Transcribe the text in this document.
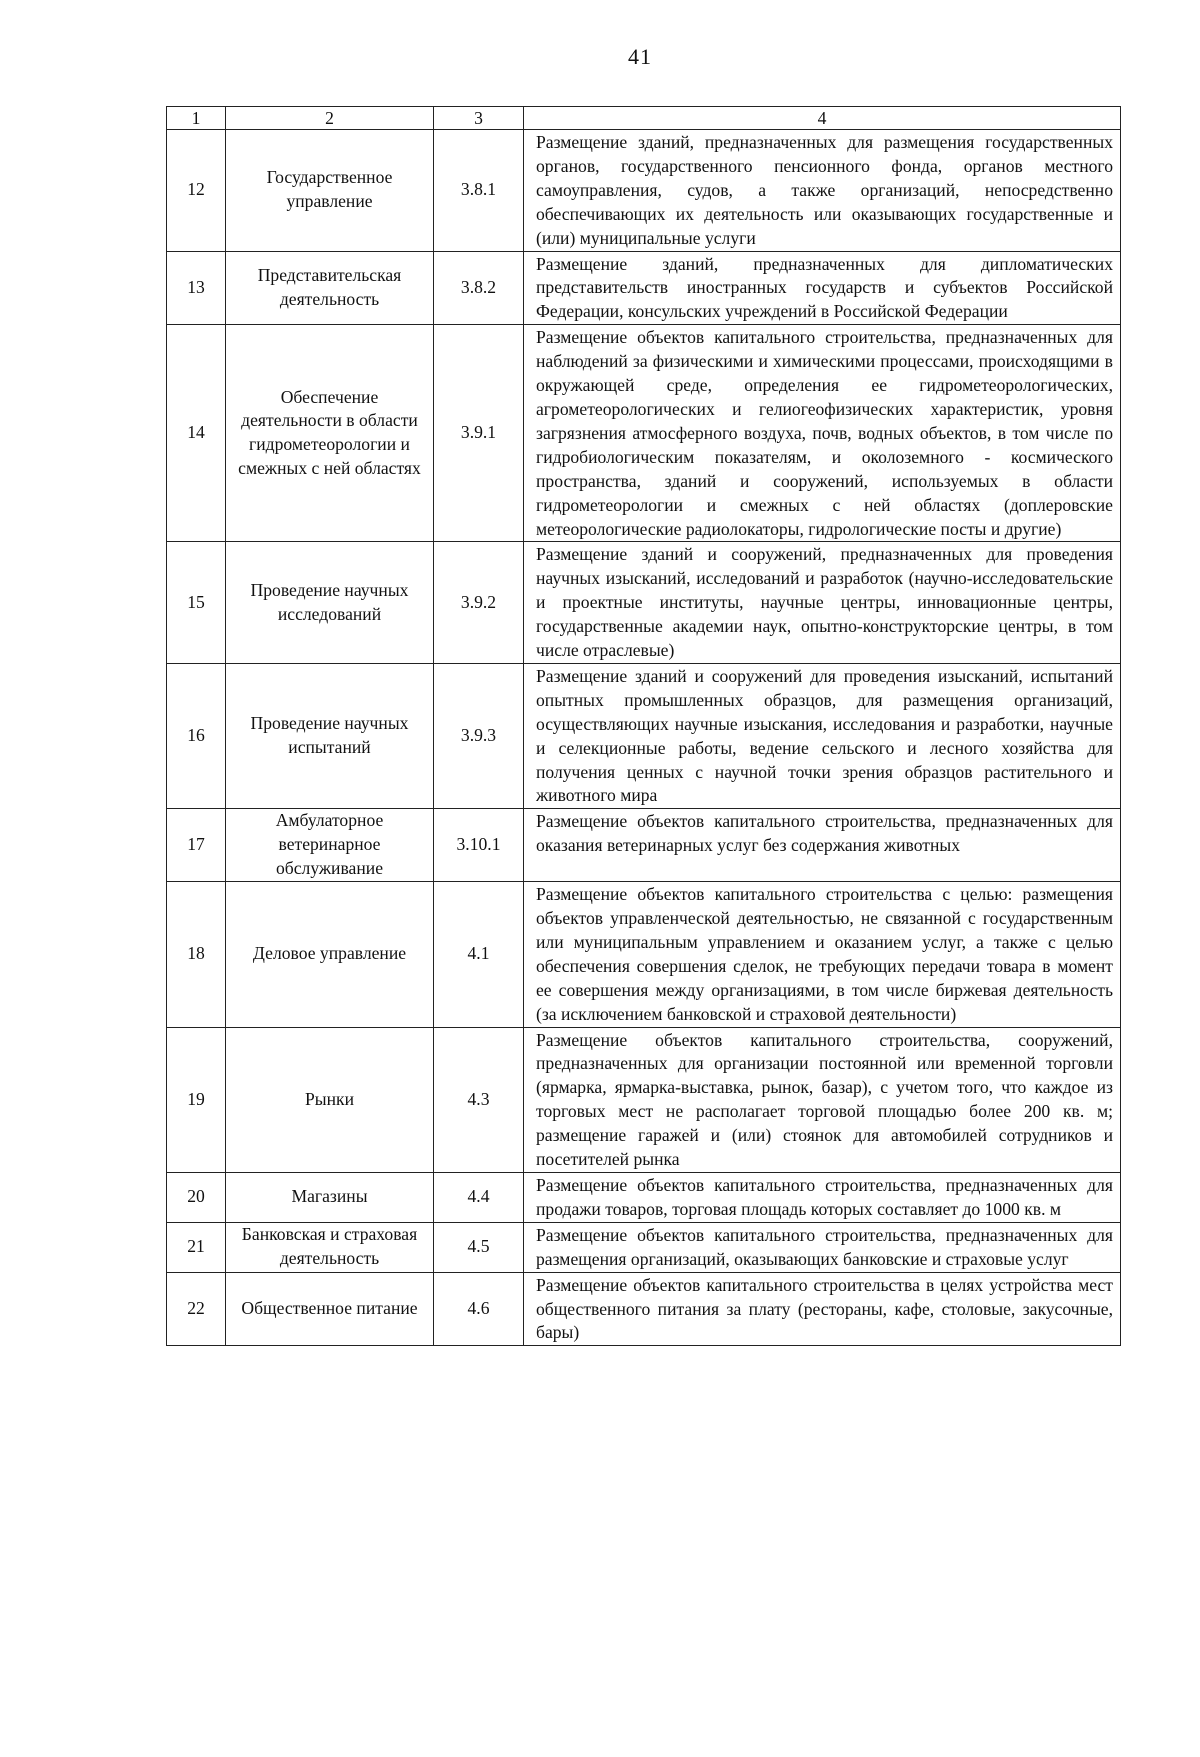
41
1	2	3	4
12	Государственное управление	3.8.1	Размещение зданий, предназначенных для размещения государственных органов, государственного пенсионного фонда, органов местного самоуправления, судов, а также организаций, непосредственно обеспечивающих их деятельность или оказывающих государственные и (или) муниципальные услуги
13	Представительская деятельность	3.8.2	Размещение зданий, предназначенных для дипломатических представительств иностранных государств и субъектов Российской Федерации, консульских учреждений в Российской Федерации
14	Обеспечение деятельности в области гидрометеорологии и смежных с ней областях	3.9.1	Размещение объектов капитального строительства, предназначенных для наблюдений за физическими и химическими процессами, происходящими в окружающей среде, определения ее гидрометеорологических, агрометеорологических и гелиогеофизических характеристик, уровня загрязнения атмосферного воздуха, почв, водных объектов, в том числе по гидробиологическим показателям, и околоземного - космического пространства, зданий и сооружений, используемых в области гидрометеорологии и смежных с ней областях (доплеровские метеорологические радиолокаторы, гидрологические посты и другие)
15	Проведение научных исследований	3.9.2	Размещение зданий и сооружений, предназначенных для проведения научных изысканий, исследований и разработок (научно-исследовательские и проектные институты, научные центры, инновационные центры, государственные академии наук, опытно-конструкторские центры, в том числе отраслевые)
16	Проведение научных испытаний	3.9.3	Размещение зданий и сооружений для проведения изысканий, испытаний опытных промышленных образцов, для размещения организаций, осуществляющих научные изыскания, исследования и разработки, научные и селекционные работы, ведение сельского и лесного хозяйства для получения ценных с научной точки зрения образцов растительного и животного мира
17	Амбулаторное ветеринарное обслуживание	3.10.1	Размещение объектов капитального строительства, предназначенных для оказания ветеринарных услуг без содержания животных
18	Деловое управление	4.1	Размещение объектов капитального строительства с целью: размещения объектов управленческой деятельностью, не связанной с государственным или муниципальным управлением и оказанием услуг, а также с целью обеспечения совершения сделок, не требующих передачи товара в момент ее совершения между организациями, в том числе биржевая деятельность (за исключением банковской и страховой деятельности)
19	Рынки	4.3	Размещение объектов капитального строительства, сооружений, предназначенных для организации постоянной или временной торговли (ярмарка, ярмарка-выставка, рынок, базар), с учетом того, что каждое из торговых мест не располагает торговой площадью более 200 кв. м; размещение гаражей и (или) стоянок для автомобилей сотрудников и посетителей рынка
20	Магазины	4.4	Размещение объектов капитального строительства, предназначенных для продажи товаров, торговая площадь которых составляет до 1000 кв. м
21	Банковская и страховая деятельность	4.5	Размещение объектов капитального строительства, предназначенных для размещения организаций, оказывающих банковские и страховые услуг
22	Общественное питание	4.6	Размещение объектов капитального строительства в целях устройства мест общественного питания за плату (рестораны, кафе, столовые, закусочные, бары)
